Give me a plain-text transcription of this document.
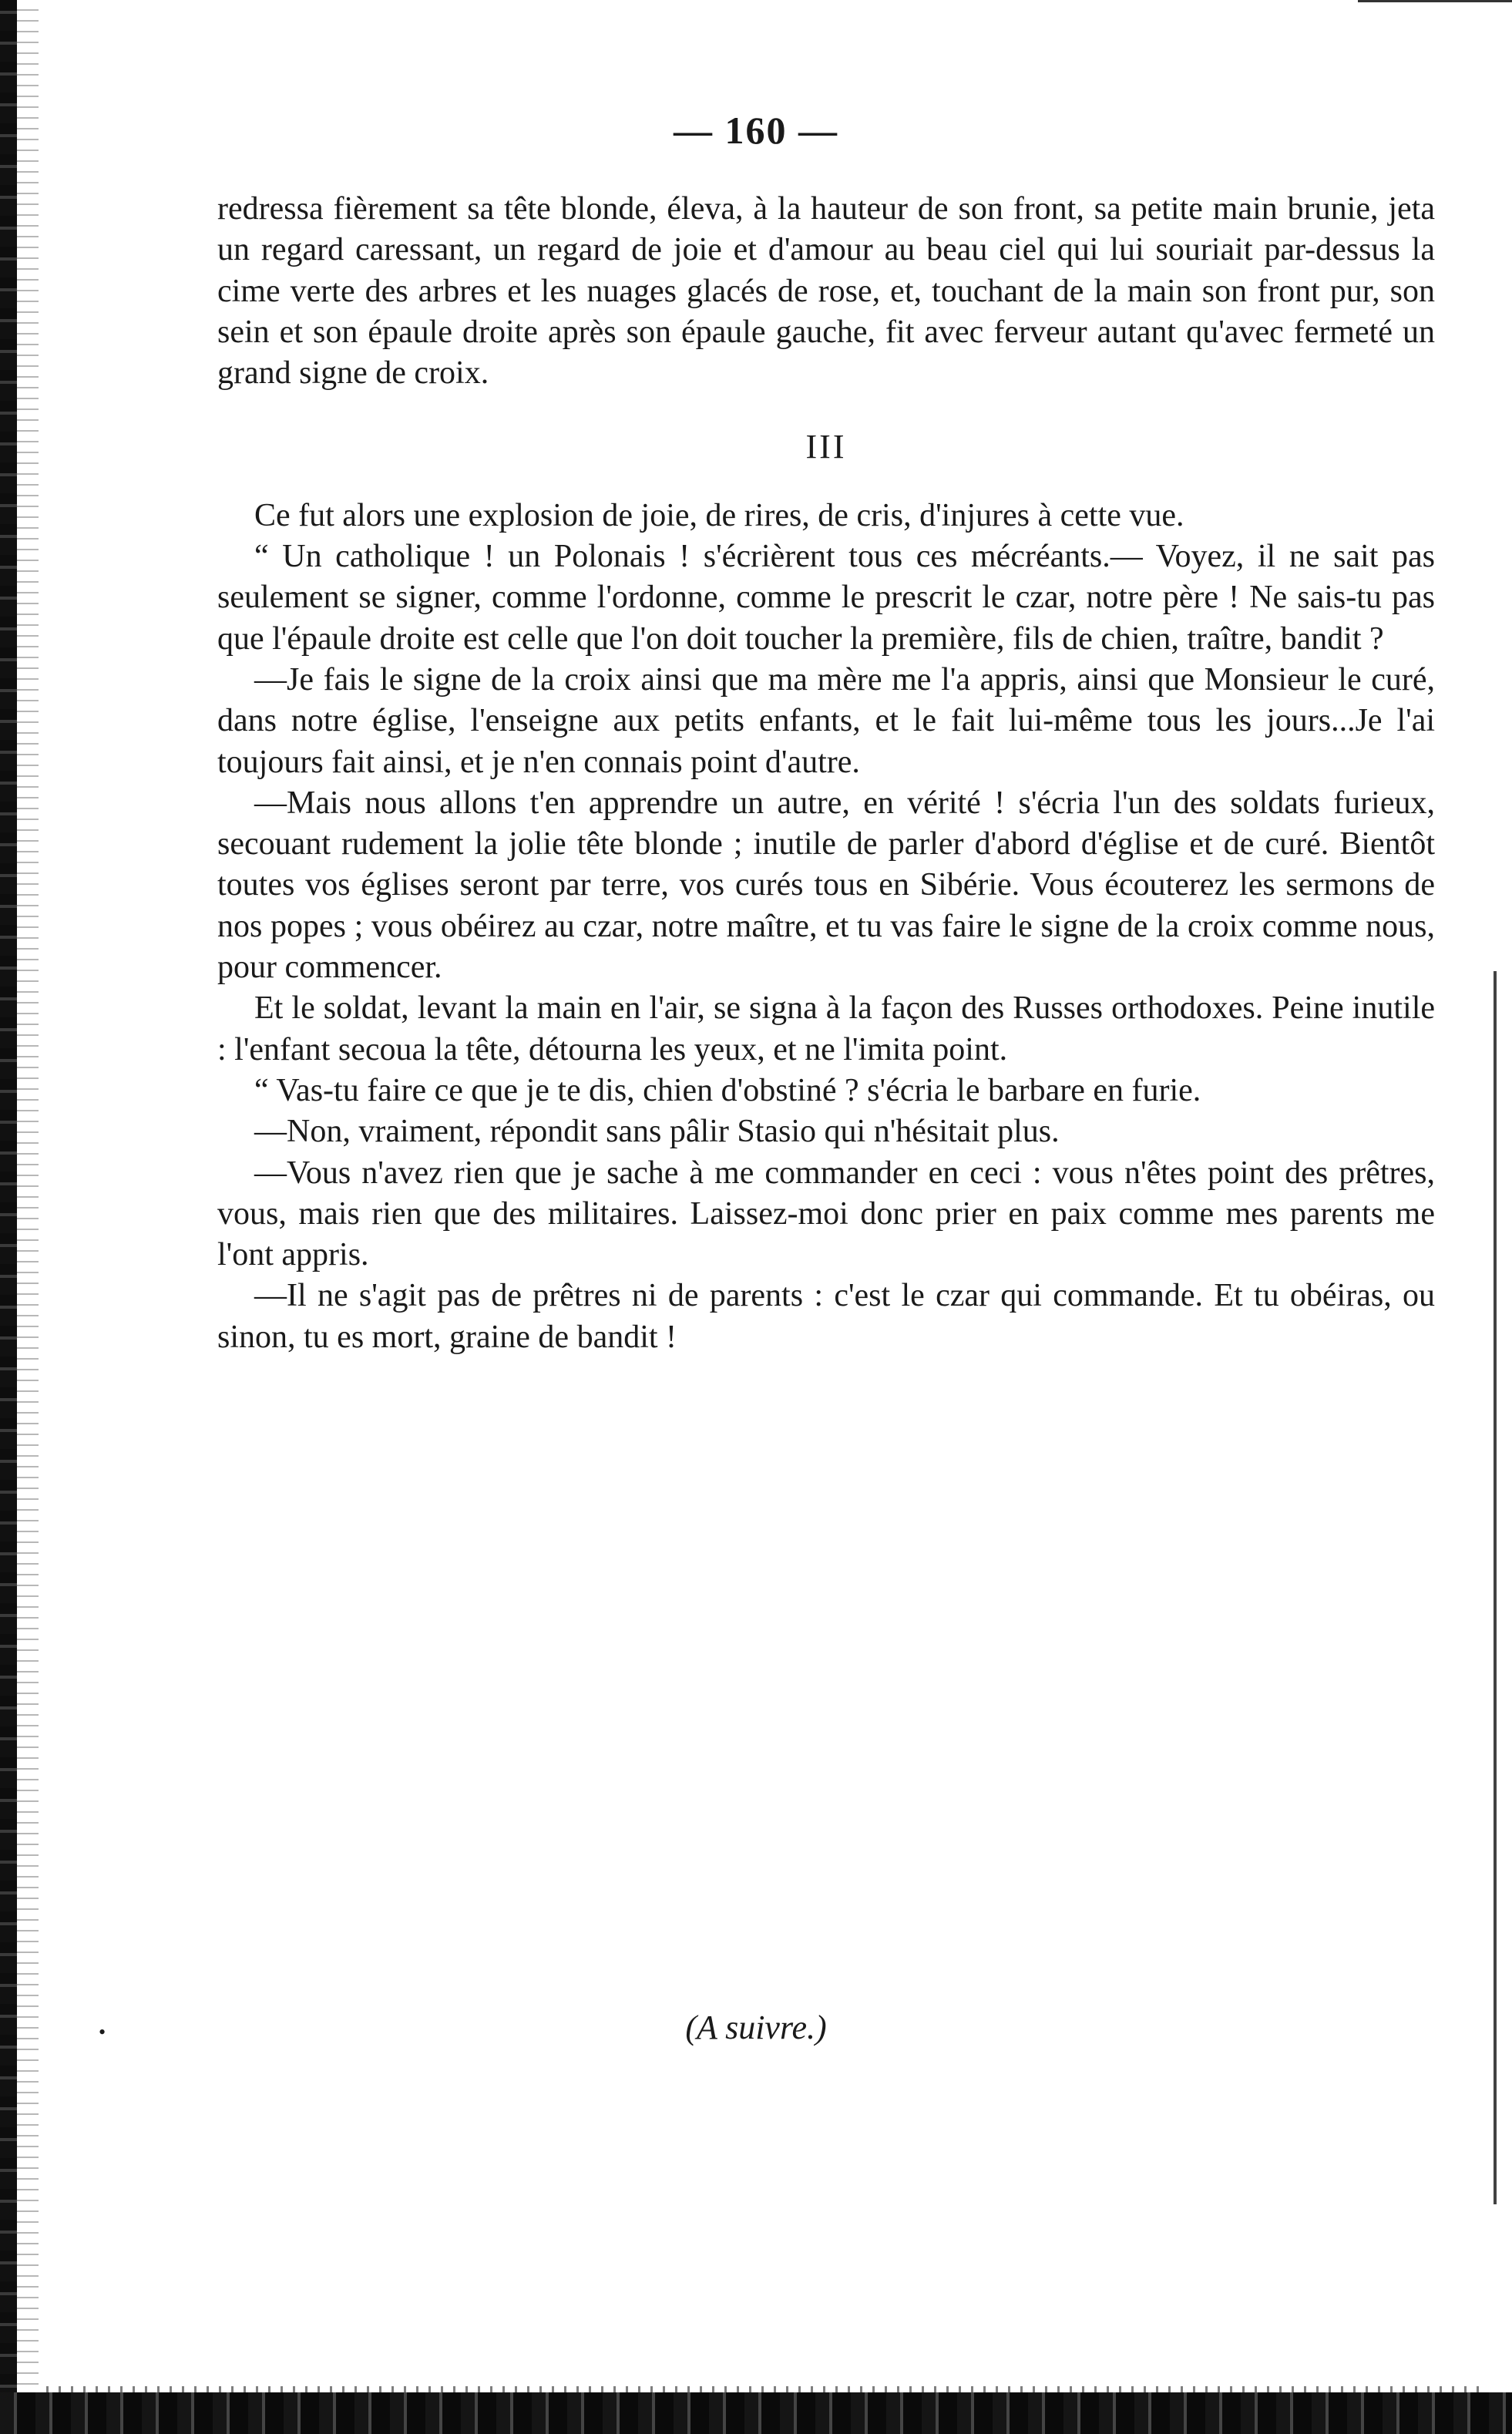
— 160 —

redressa fièrement sa tête blonde, éleva, à la hauteur de son front, sa petite main brunie, jeta un regard caressant, un regard de joie et d'amour au beau ciel qui lui souriait par-dessus la cime verte des arbres et les nuages glacés de rose, et, touchant de la main son front pur, son sein et son épaule droite après son épaule gauche, fit avec ferveur autant qu'avec fermeté un grand signe de croix.

III

Ce fut alors une explosion de joie, de rires, de cris, d'injures à cette vue.

“ Un catholique ! un Polonais ! s'écrièrent tous ces mécréants.— Voyez, il ne sait pas seulement se signer, comme l'ordonne, comme le prescrit le czar, notre père ! Ne sais-tu pas que l'épaule droite est celle que l'on doit toucher la première, fils de chien, traître, bandit ?

—Je fais le signe de la croix ainsi que ma mère me l'a appris, ainsi que Monsieur le curé, dans notre église, l'enseigne aux petits enfants, et le fait lui-même tous les jours...Je l'ai toujours fait ainsi, et je n'en connais point d'autre.

—Mais nous allons t'en apprendre un autre, en vérité ! s'écria l'un des soldats furieux, secouant rudement la jolie tête blonde ; inutile de parler d'abord d'église et de curé. Bientôt toutes vos églises seront par terre, vos curés tous en Sibérie. Vous écouterez les sermons de nos popes ; vous obéirez au czar, notre maître, et tu vas faire le signe de la croix comme nous, pour commencer.

Et le soldat, levant la main en l'air, se signa à la façon des Russes orthodoxes. Peine inutile : l'enfant secoua la tête, détourna les yeux, et ne l'imita point.

“ Vas-tu faire ce que je te dis, chien d'obstiné ? s'écria le barbare en furie.

—Non, vraiment, répondit sans pâlir Stasio qui n'hésitait plus.

—Vous n'avez rien que je sache à me commander en ceci : vous n'êtes point des prêtres, vous, mais rien que des militaires. Laissez-moi donc prier en paix comme mes parents me l'ont appris.

—Il ne s'agit pas de prêtres ni de parents : c'est le czar qui commande. Et tu obéiras, ou sinon, tu es mort, graine de bandit !

•	(A suivre.)
